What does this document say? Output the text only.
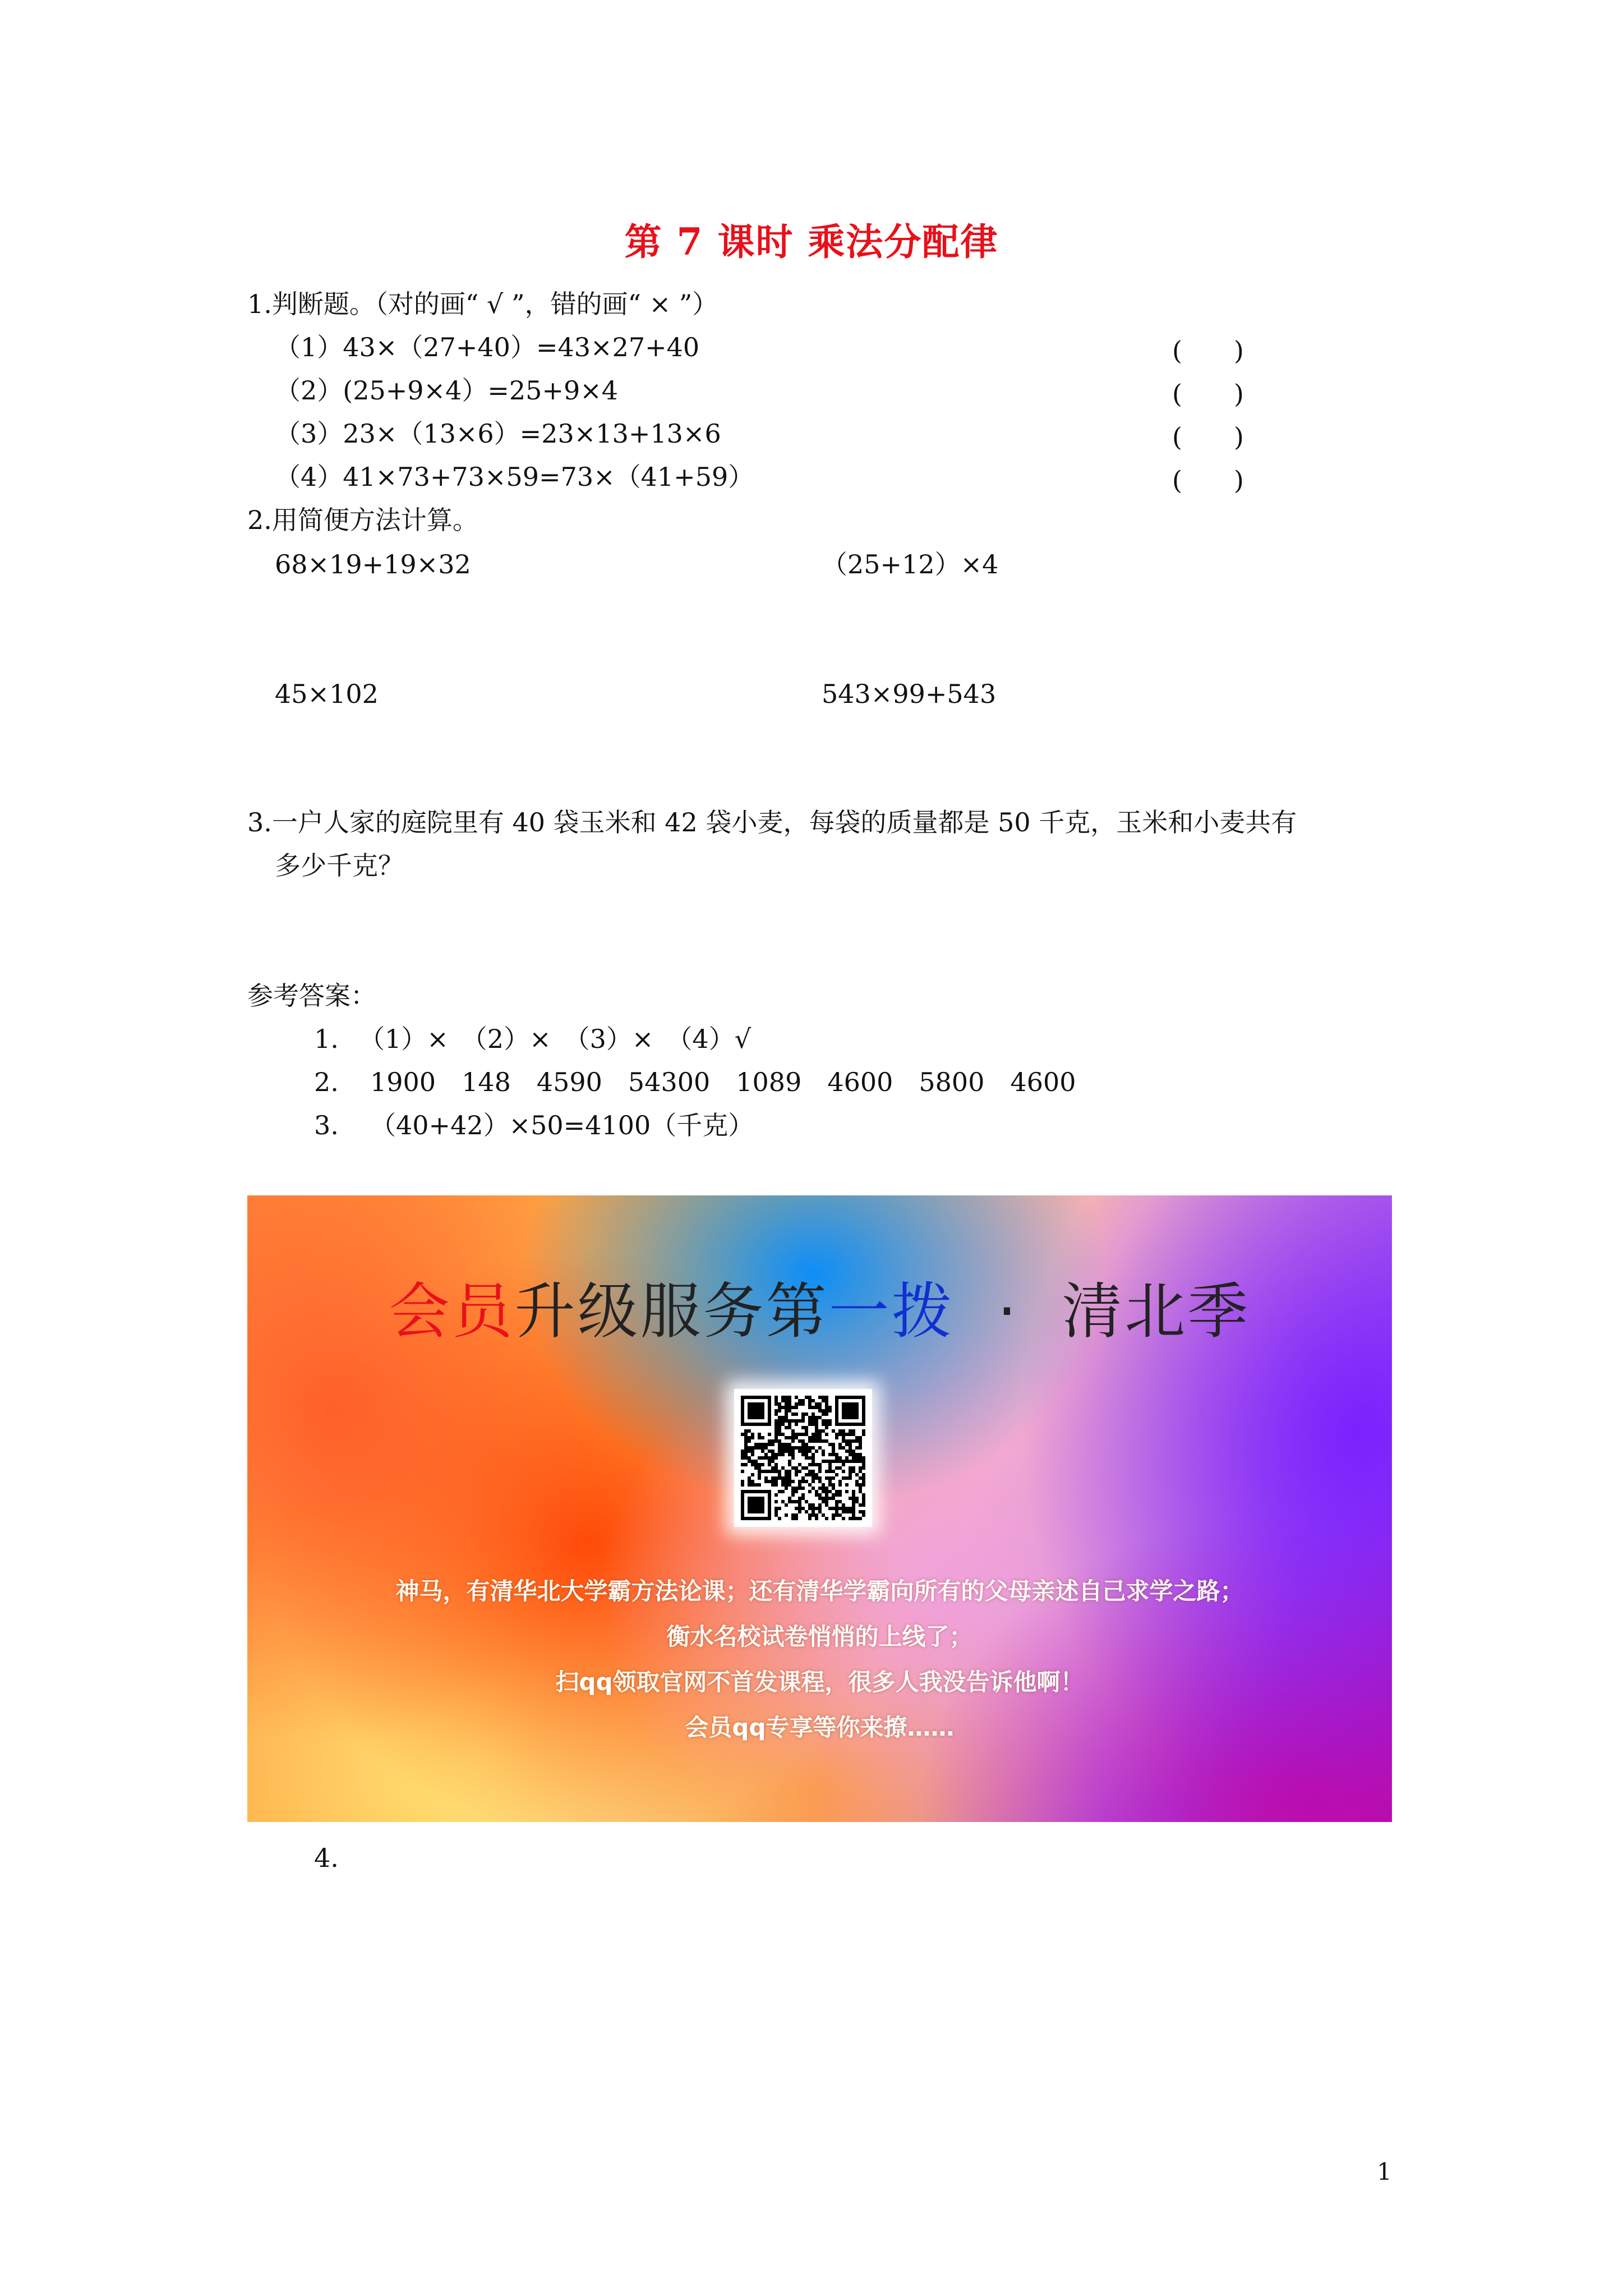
第 7 课时 乘法分配律
1.判断题。（对的画“ √ ”，错的画“ × ”）
（1）43×（27+40）=43×27+40	(　　)
（2）(25+9×4）=25+9×4	(　　)
（3）23×（13×6）=23×13+13×6	(　　)
（4）41×73+73×59=73×（41+59）	(　　)
2.用简便方法计算。
68×19+19×32	（25+12）×4
45×102	543×99+543
3.一户人家的庭院里有 40 袋玉米和 42 袋小麦，每袋的质量都是 50 千克，玉米和小麦共有
多少千克？
参考答案：
1. （1）×　（2）×　（3）×　（4）√
2. 1900　148　4590　54300　1089　4600　5800　4600
3. （40+42）×50=4100（千克）
会员升级服务第一拨  ·  清北季
神马，有清华北大学霸方法论课；还有清华学霸向所有的父母亲述自己求学之路；
衡水名校试卷悄悄的上线了；
扫qq领取官网不首发课程，很多人我没告诉他啊！
会员qq专享等你来撩……
4.
1
